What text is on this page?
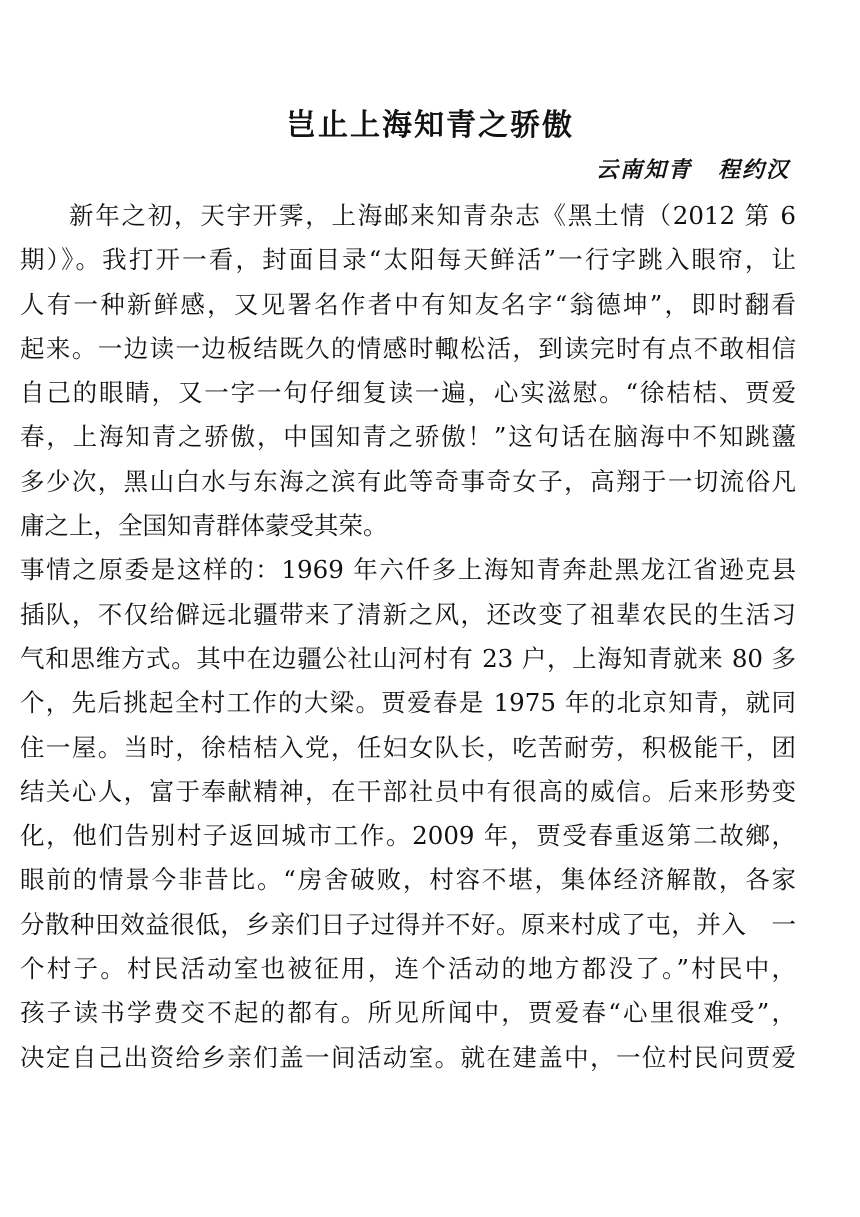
岂止上海知青之骄傲
云南知青 程约汉
新年之初，天宇开霁，上海邮来知青杂志《黑土情（2012 第 6
期）》。我打开一看，封面目录“太阳每天鲜活”一行字跳入眼帘，让
人有一种新鲜感，又见署名作者中有知友名字“翁德坤”，即时翻看
起来。一边读一边板结既久的情感时輙松活，到读完时有点不敢相信
自己的眼睛，又一字一句仔细复读一遍，心实滋慰。“徐桔桔、贾爱
春，上海知青之骄傲，中国知青之骄傲！”这句话在脑海中不知跳蘯
多少次，黑山白水与东海之滨有此等奇事奇女子，高翔于一切流俗凡
庸之上，全国知青群体蒙受其荣。
事情之原委是这样的：1969 年六仟多上海知青奔赴黑龙江省逊克县
插队，不仅给僻远北疆带来了清新之风，还改变了祖辈农民的生活习
气和思维方式。其中在边疆公社山河村有 23 户，上海知青就来 80 多
个，先后挑起全村工作的大梁。贾爱春是 1975 年的北京知青，就同
住一屋。当时，徐桔桔入党，任妇女队长，吃苦耐劳，积极能干，团
结关心人，富于奉献精神，在干部社员中有很高的威信。后来形势变
化，他们告别村子返回城市工作。2009 年，贾受春重返第二故鄉，
眼前的情景今非昔比。“房舍破败，村容不堪，集体经济解散，各家
分散种田效益很低，乡亲们日子过得并不好。原来村成了屯，并入　一
个村子。村民活动室也被征用，连个活动的地方都没了。”村民中，
孩子读书学费交不起的都有。所见所闻中，贾爱春“心里很难受”，
决定自己出资给乡亲们盖一间活动室。就在建盖中，一位村民问贾爱
